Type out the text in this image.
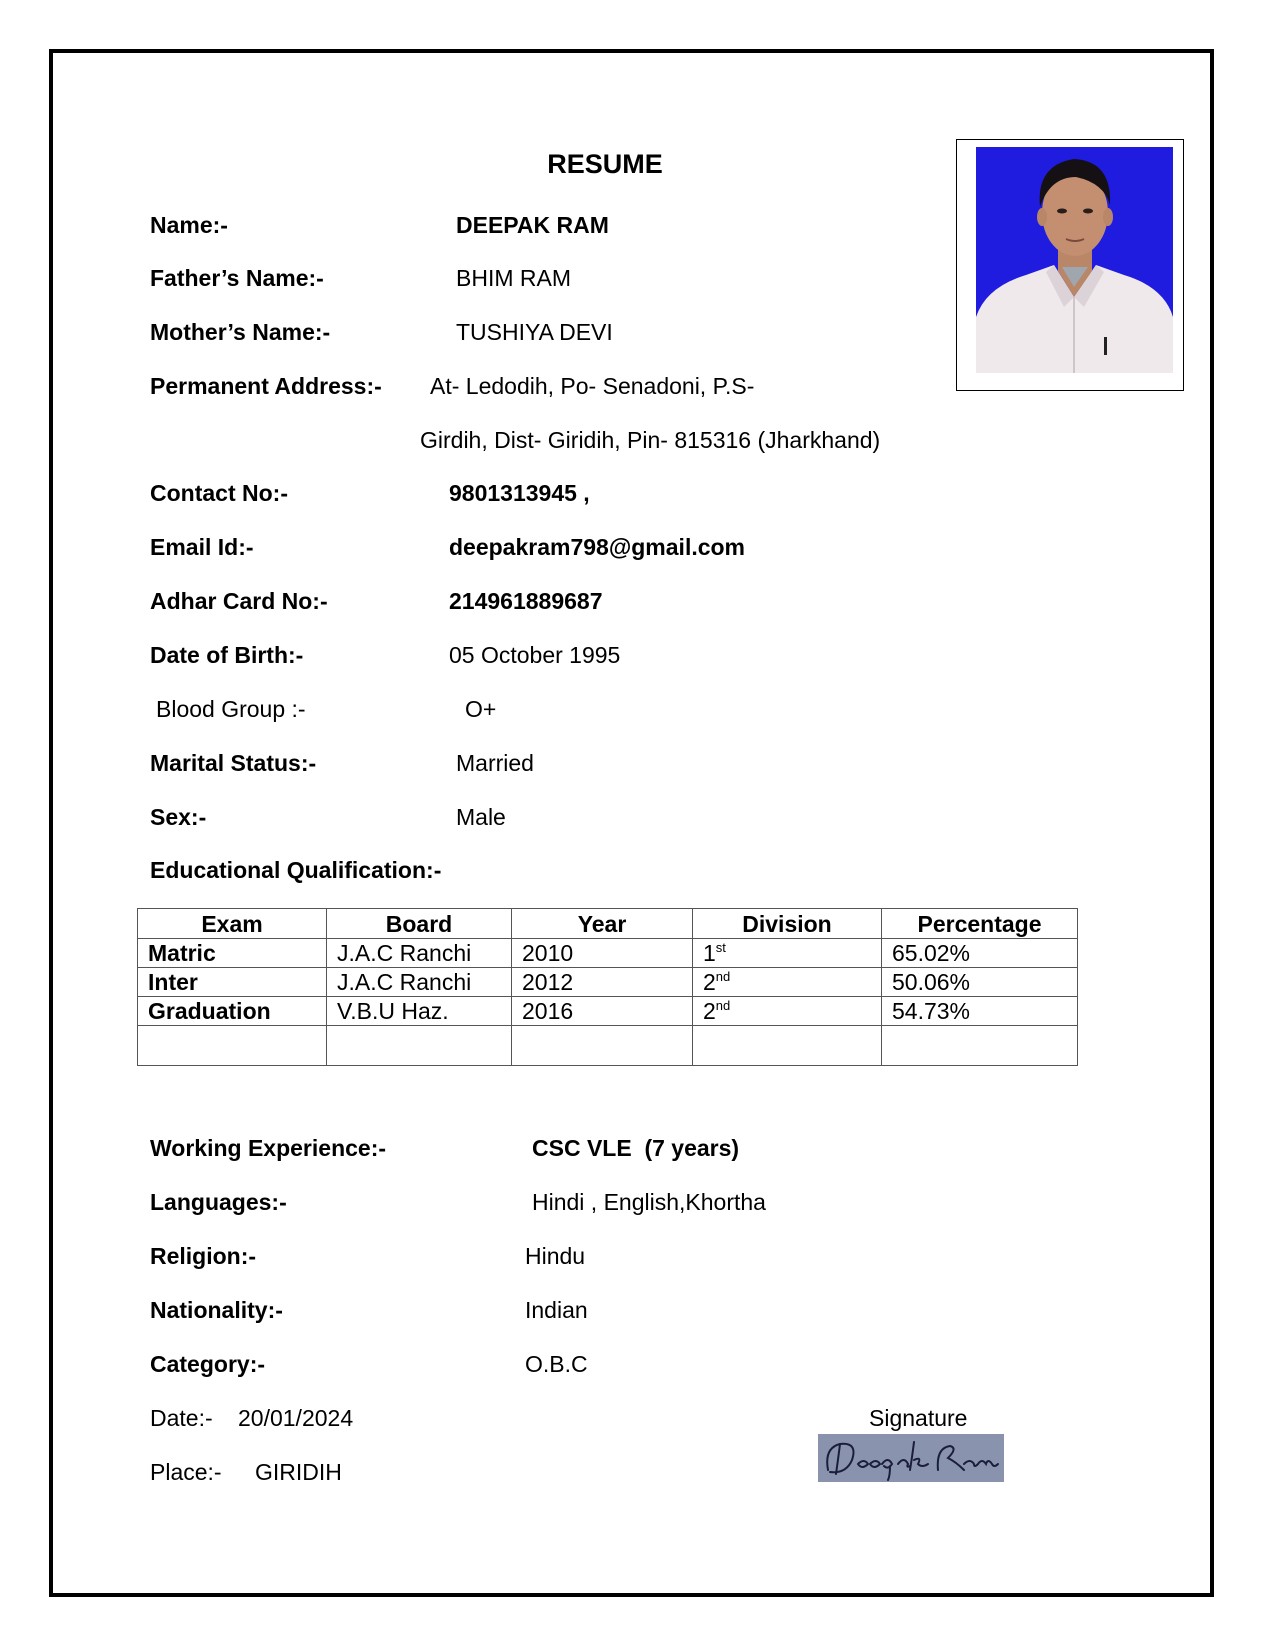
RESUME
Name:-	DEEPAK RAM
Father’s Name:-	BHIM RAM
Mother’s Name:-	TUSHIYA DEVI
Permanent Address:- At- Ledodih, Po- Senadoni, P.S-
Girdih, Dist- Giridih, Pin- 815316 (Jharkhand)
Contact No:-	9801313945 ,
Email Id:-	deepakram798@gmail.com
Adhar Card No:-	214961889687
Date of Birth:-	05 October 1995
Blood Group :-	O+
Marital Status:-	Married
Sex:-	Male
Educational Qualification:-
Exam	Board	Year	Division	Percentage
Matric	J.A.C Ranchi	2010	1st	65.02%
Inter	J.A.C Ranchi	2012	2nd	50.06%
Graduation	V.B.U Haz.	2016	2nd	54.73%

Working Experience:-	CSC VLE  (7 years)
Languages:-	Hindi , English,Khortha
Religion:-	Hindu
Nationality:-	Indian
Category:-	O.B.C
Date:- 20/01/2024
Place:- GIRIDIH
Signature
